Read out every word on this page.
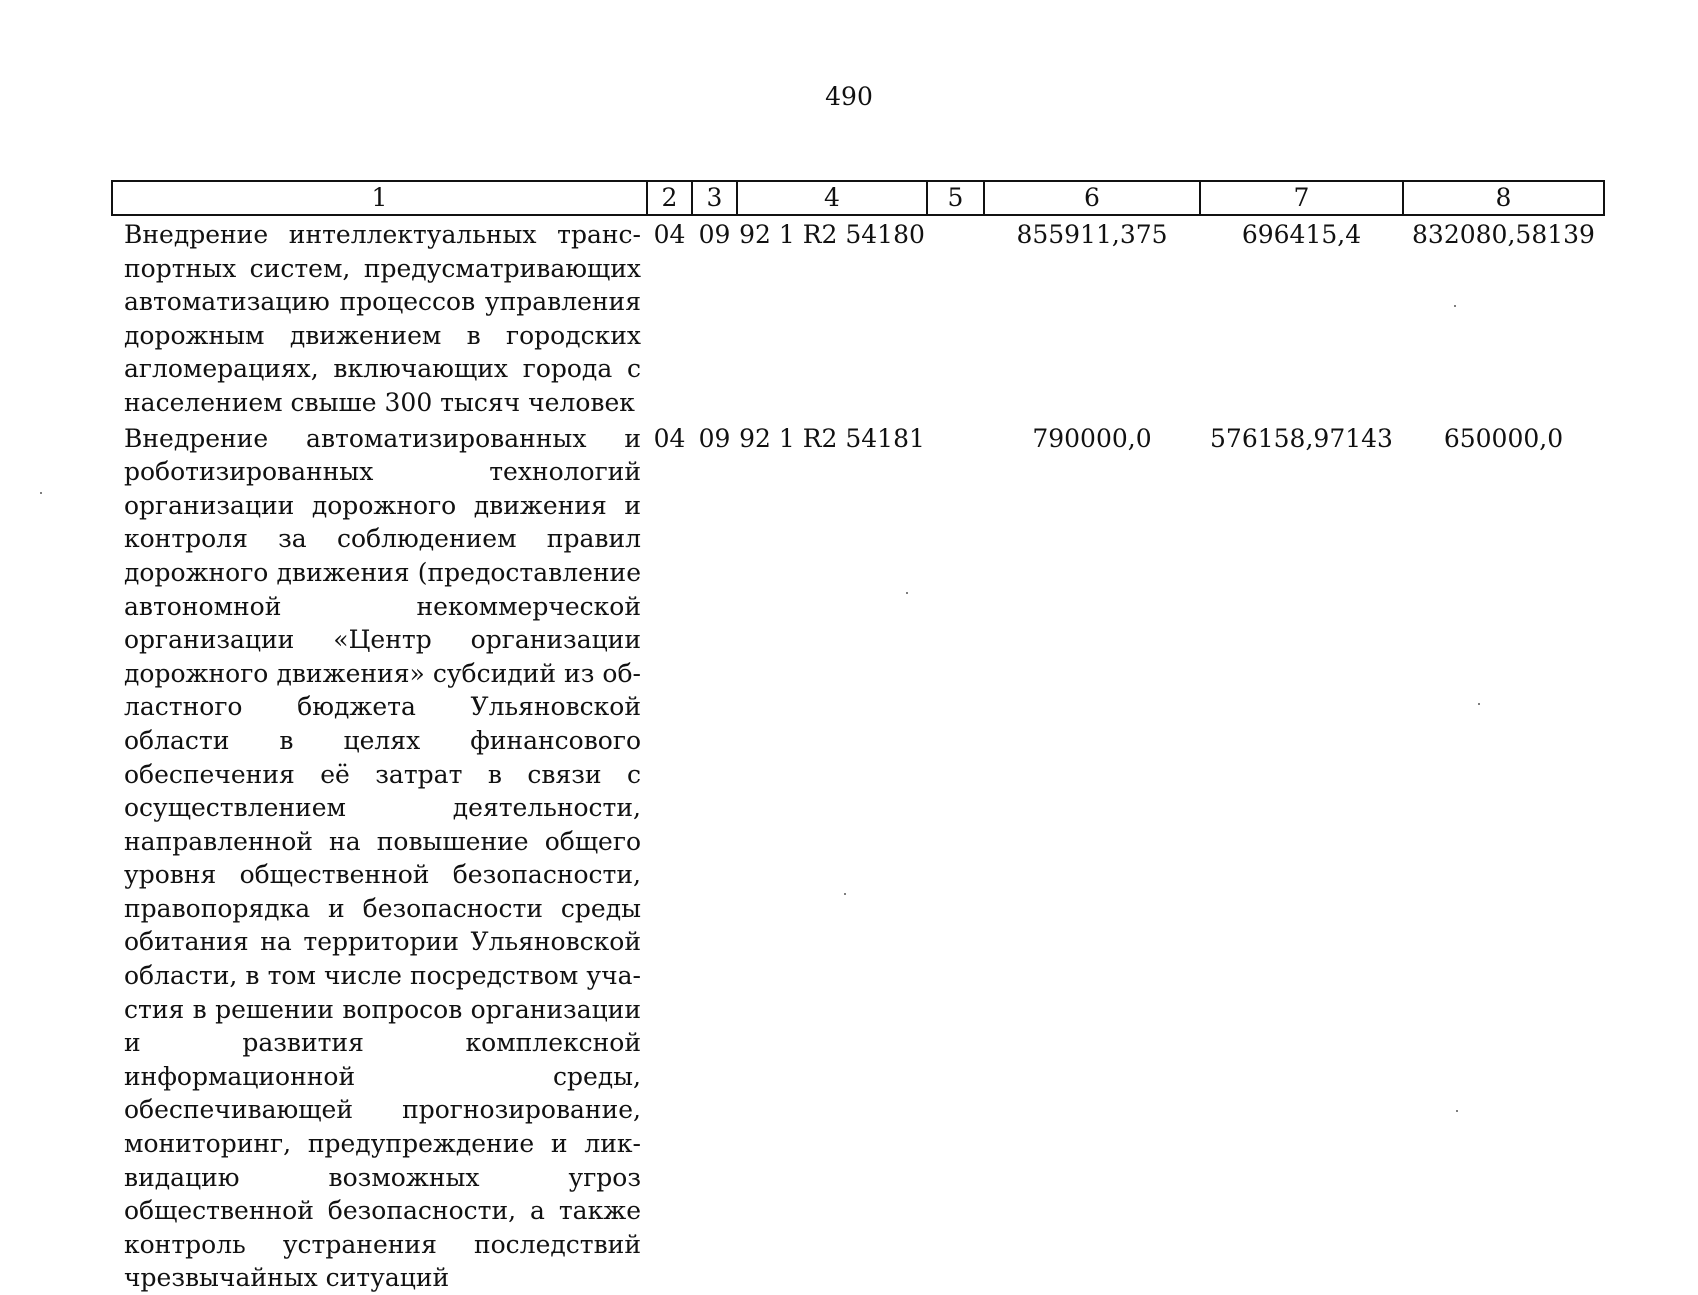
490
1	2	3	4	5	6	7	8
Внедрение интеллектуальных транспортных систем, предусматривающих автоматизацию процессов управления дорожным движением в городских агломерациях, включающих города с населением свыше 300 тысяч человек	04	09	92 1 R2 54180		855911,375	696415,4	832080,58139
Внедрение автоматизированных и роботизированных технологий организации дорожного движения и контроля за соблюдением правил дорожного движения (предоставление автономной некоммерческой организации «Центр организации дорожного движения» субсидий из областного бюджета Ульяновской области в целях финансового обеспечения её затрат в связи с осуществлением деятельности, направленной на повышение общего уровня общественной безопасности, правопорядка и безопасности среды обитания на территории Ульяновской области, в том числе посредством участия в решении вопросов организации и развития комплексной информационной среды, обеспечивающей прогнозирование, мониторинг, предупреждение и ликвидацию возможных угроз общественной безопасности, а также контроль устранения последствий чрезвычайных ситуаций	04	09	92 1 R2 54181		790000,0	576158,97143	650000,0
